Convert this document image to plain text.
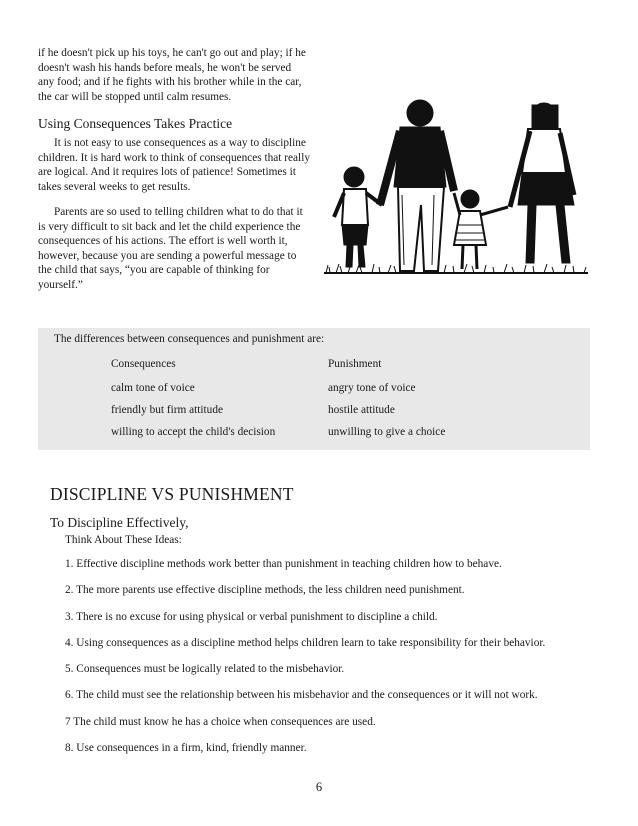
if he doesn't pick up his toys, he can't go out and play; if he doesn't wash his hands before meals, he won't be served any food; and if he fights with his brother while in the car, the car will be stopped until calm resumes.

Using Consequences Takes Practice

It is not easy to use consequences as a way to discipline children. It is hard work to think of consequences that really are logical. And it requires lots of patience! Sometimes it takes several weeks to get results.

Parents are so used to telling children what to do that it is very difficult to sit back and let the child experience the consequences of his actions. The effort is well worth it, however, because you are sending a powerful message to the child that says, “you are capable of thinking for yourself.”

The differences between consequences and punishment are:

Consequences	Punishment

calm tone of voice	angry tone of voice

friendly but firm attitude	hostile attitude

willing to accept the child's decision	unwilling to give a choice

DISCIPLINE VS PUNISHMENT
To Discipline Effectively,

Think About These Ideas:

1. Effective discipline methods work better than punishment in teaching children how to behave.
2. The more parents use effective discipline methods, the less children need punishment.
3. There is no excuse for using physical or verbal punishment to discipline a child.
4. Using consequences as a discipline method helps children learn to take responsibility for their behavior.
5. Consequences must be logically related to the misbehavior.
6. The child must see the relationship between his misbehavior and the consequences or it will not work.
7 The child must know he has a choice when consequences are used.
8. Use consequences in a firm, kind, friendly manner.

6
